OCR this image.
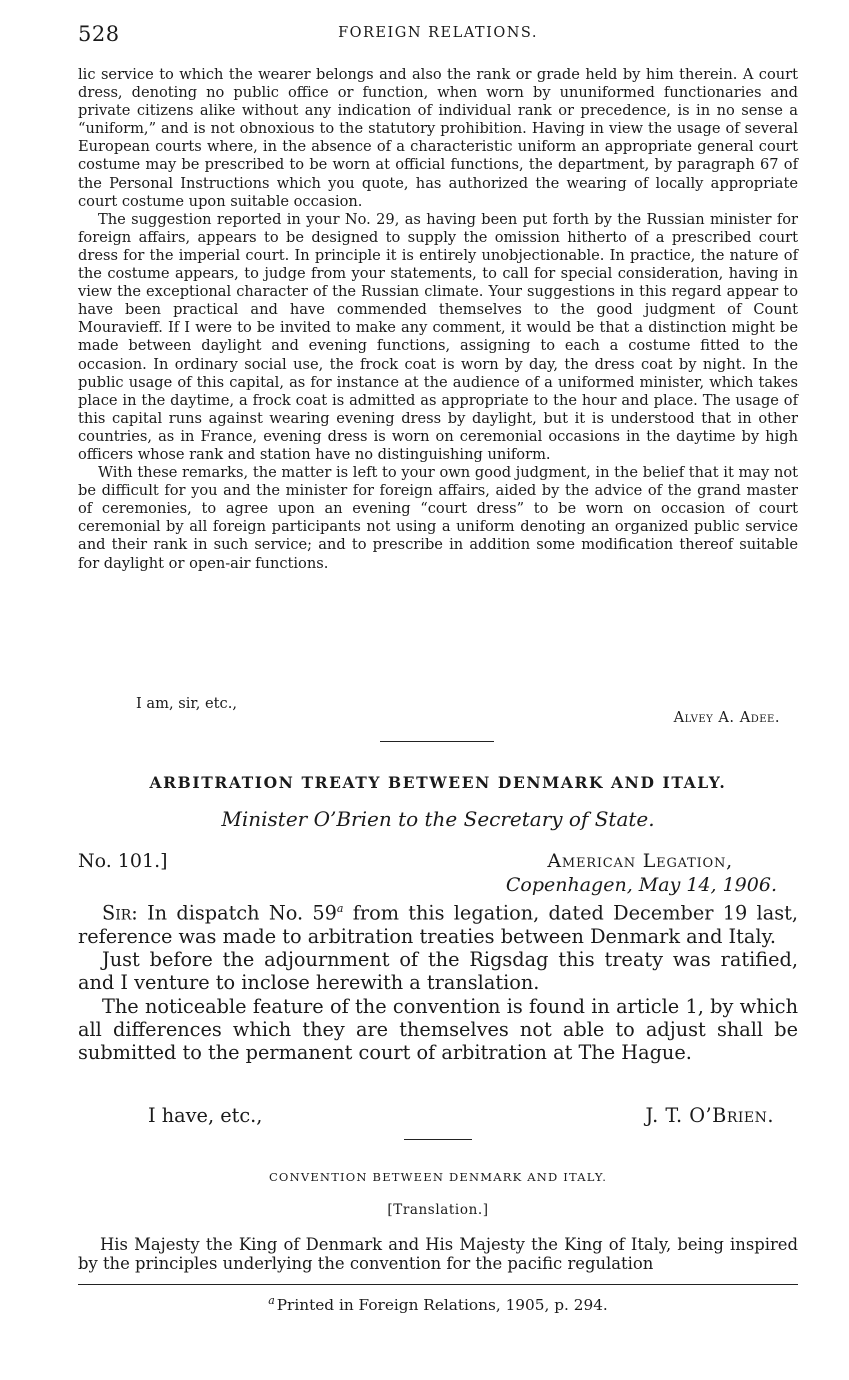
528	FOREIGN RELATIONS.

lic service to which the wearer belongs and also the rank or grade held by him therein. A court dress, denoting no public office or function, when worn by ununiformed functionaries and private citizens alike without any indication of individual rank or precedence, is in no sense a “uniform,” and is not obnoxious to the statutory prohibition. Having in view the usage of several European courts where, in the absence of a characteristic uniform an appropriate general court costume may be prescribed to be worn at official functions, the department, by paragraph 67 of the Personal Instructions which you quote, has authorized the wearing of locally appropriate court costume upon suitable occasion.

The suggestion reported in your No. 29, as having been put forth by the Russian minister for foreign affairs, appears to be designed to supply the omission hitherto of a prescribed court dress for the imperial court. In principle it is entirely unobjectionable. In practice, the nature of the costume appears, to judge from your statements, to call for special consideration, having in view the exceptional character of the Russian climate. Your suggestions in this regard appear to have been practical and have commended themselves to the good judgment of Count Mouravieff. If I were to be invited to make any comment, it would be that a distinction might be made between daylight and evening functions, assigning to each a costume fitted to the occasion. In ordinary social use, the frock coat is worn by day, the dress coat by night. In the public usage of this capital, as for instance at the audience of a uniformed minister, which takes place in the daytime, a frock coat is admitted as appropriate to the hour and place. The usage of this capital runs against wearing evening dress by daylight, but it is understood that in other countries, as in France, evening dress is worn on ceremonial occasions in the daytime by high officers whose rank and station have no distinguishing uniform.

With these remarks, the matter is left to your own good judgment, in the belief that it may not be difficult for you and the minister for foreign affairs, aided by the advice of the grand master of ceremonies, to agree upon an evening “court dress” to be worn on occasion of court ceremonial by all foreign participants not using a uniform denoting an organized public service and their rank in such service; and to prescribe in addition some modification thereof suitable for daylight or open-air functions.

I am, sir, etc.,
Alvey A. Adee.
ARBITRATION TREATY BETWEEN DENMARK AND ITALY.
Minister O’Brien to the Secretary of State.
No. 101.]	American Legation,
Copenhagen, May 14, 1906.

Sir: In dispatch No. 59$^a$ from this legation, dated December 19 last, reference was made to arbitration treaties between Denmark and Italy.

Just before the adjournment of the Rigsdag this treaty was ratified, and I venture to inclose herewith a translation.

The noticeable feature of the convention is found in article 1, by which all differences which they are themselves not able to adjust shall be submitted to the permanent court of arbitration at The Hague.

I have, etc.,	J. T. O’Brien.
CONVENTION BETWEEN DENMARK AND ITALY.
[Translation.]

His Majesty the King of Denmark and His Majesty the King of Italy, being inspired by the principles underlying the convention for the pacific regulation

$^a$ Printed in Foreign Relations, 1905, p. 294.
